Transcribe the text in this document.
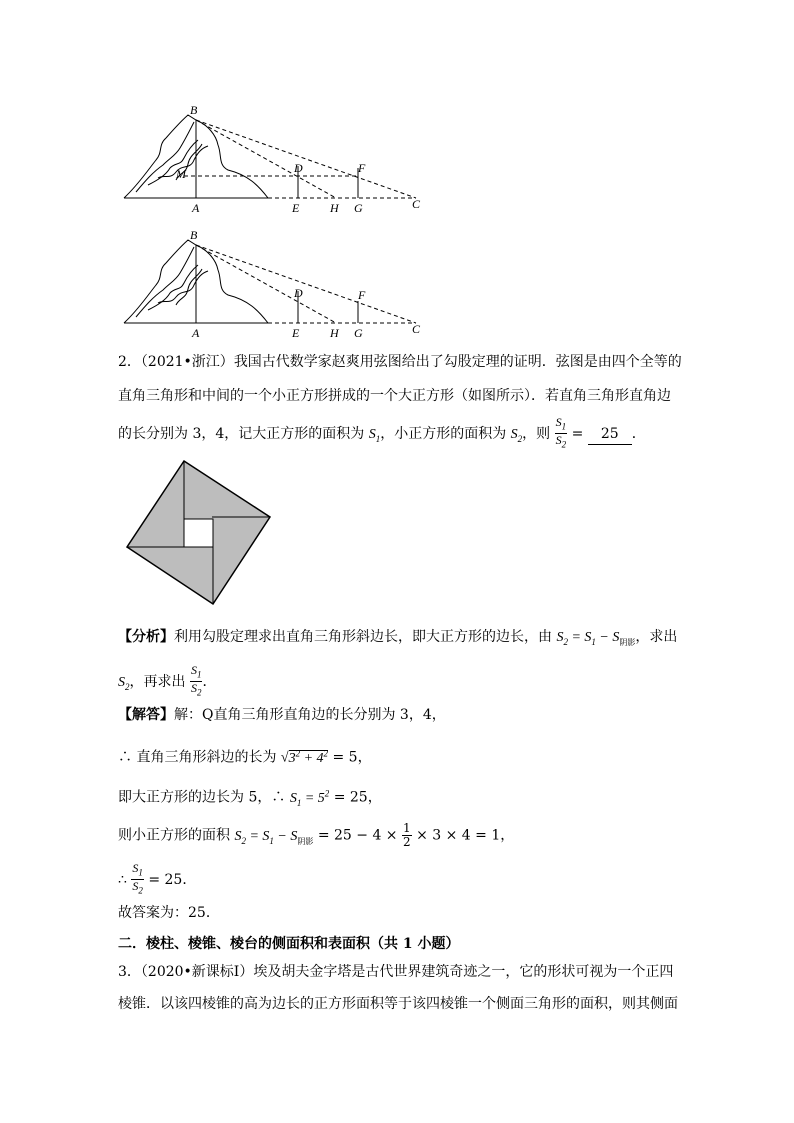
B
M	D	F
A	E	H G	C
B
D	F
A	E	H G	C
2．（2021•浙江）我国古代数学家赵爽用弦图给出了勾股定理的证明．弦图是由四个全等的
直角三角形和中间的一个小正方形拼成的一个大正方形（如图所示）．若直角三角形直角边
的长分别为 3，4，记大正方形的面积为 $S_1$，小正方形的面积为 $S_2$，则 $\frac{S_1}{S_2} = 25$ ．
【分析】利用勾股定理求出直角三角形斜边长，即大正方形的边长，由 $S_2 = S_1 - S_{阴影}$，求出
$S_2$，再求出 $\frac{S_1}{S_2}$ ．
【解答】解：Q直角三角形直角边的长分别为 3，4，
∴ 直角三角形斜边的长为 $√3^2 + 4^2 = 5$，
即大正方形的边长为 5，∴ $S_1 = 5^2 = 25$，
则小正方形的面积 $S_2 = S_1 - S_{阴影} = 25 - 4 \times \frac{1}{2} \times 3 \times 4 = 1$，
∴ $\frac{S_1}{S_2} = 25$．
故答案为：25．
二．棱柱、棱锥、棱台的侧面积和表面积（共 1 小题）
3．（2020•新课标Ⅰ）埃及胡夫金字塔是古代世界建筑奇迹之一，它的形状可视为一个正四
棱锥．以该四棱锥的高为边长的正方形面积等于该四棱锥一个侧面三角形的面积，则其侧面
